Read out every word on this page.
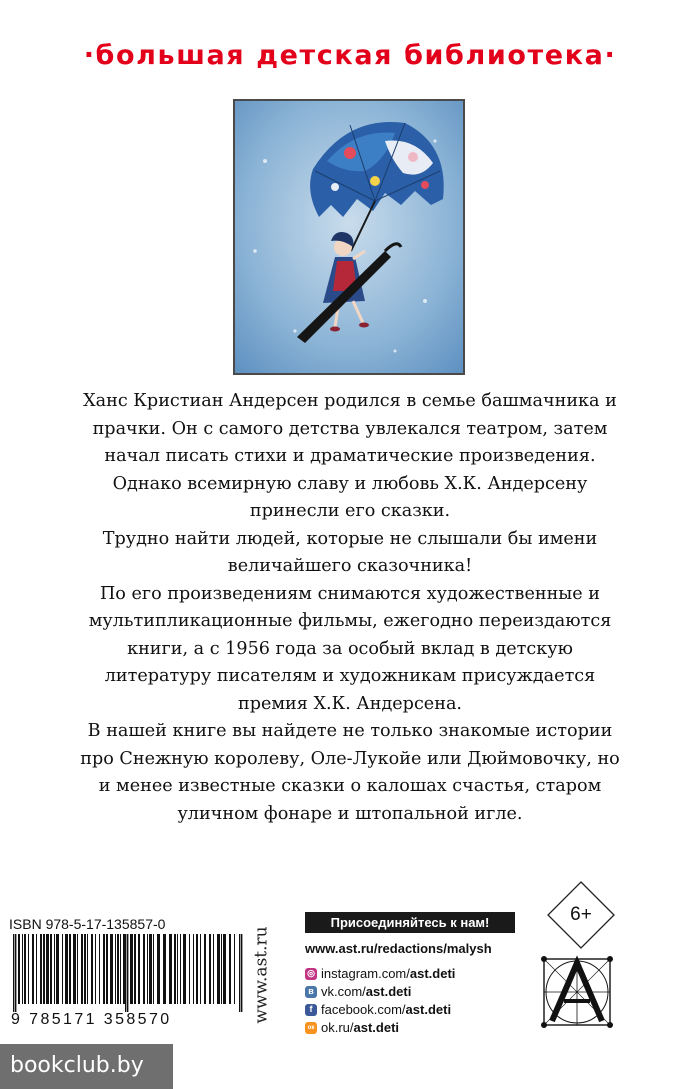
·большая детская библиотека·

Ханс Кристиан Андерсен родился в семье башмачника и прачки. Он с самого детства увлекался театром, затем начал писать стихи и драматические произведения. Однако всемирную славу и любовь Х.К. Андерсену принесли его сказки.

Трудно найти людей, которые не слышали бы имени величайшего сказочника!

По его произведениям снимаются художественные и мультипликационные фильмы, ежегодно переиздаются книги, а с 1956 года за особый вклад в детскую литературу писателям и художникам присуждается премия Х.К. Андерсена.

В нашей книге вы найдете не только знакомые истории про Снежную королеву, Оле-Лукойе или Дюймовочку, но и менее известные сказки о калошах счастья, старом уличном фонаре и штопальной игле.

ISBN 978-5-17-135857-0
9 785171 358570	www.ast.ru
Присоединяйтесь к нам!
www.ast.ru/redactions/malysh
◎ instagram.com/ ast.deti
в vk.com/ ast.deti
f facebook.com/ ast.deti
ок ok.ru/ ast.deti
6+
bookclub.by
